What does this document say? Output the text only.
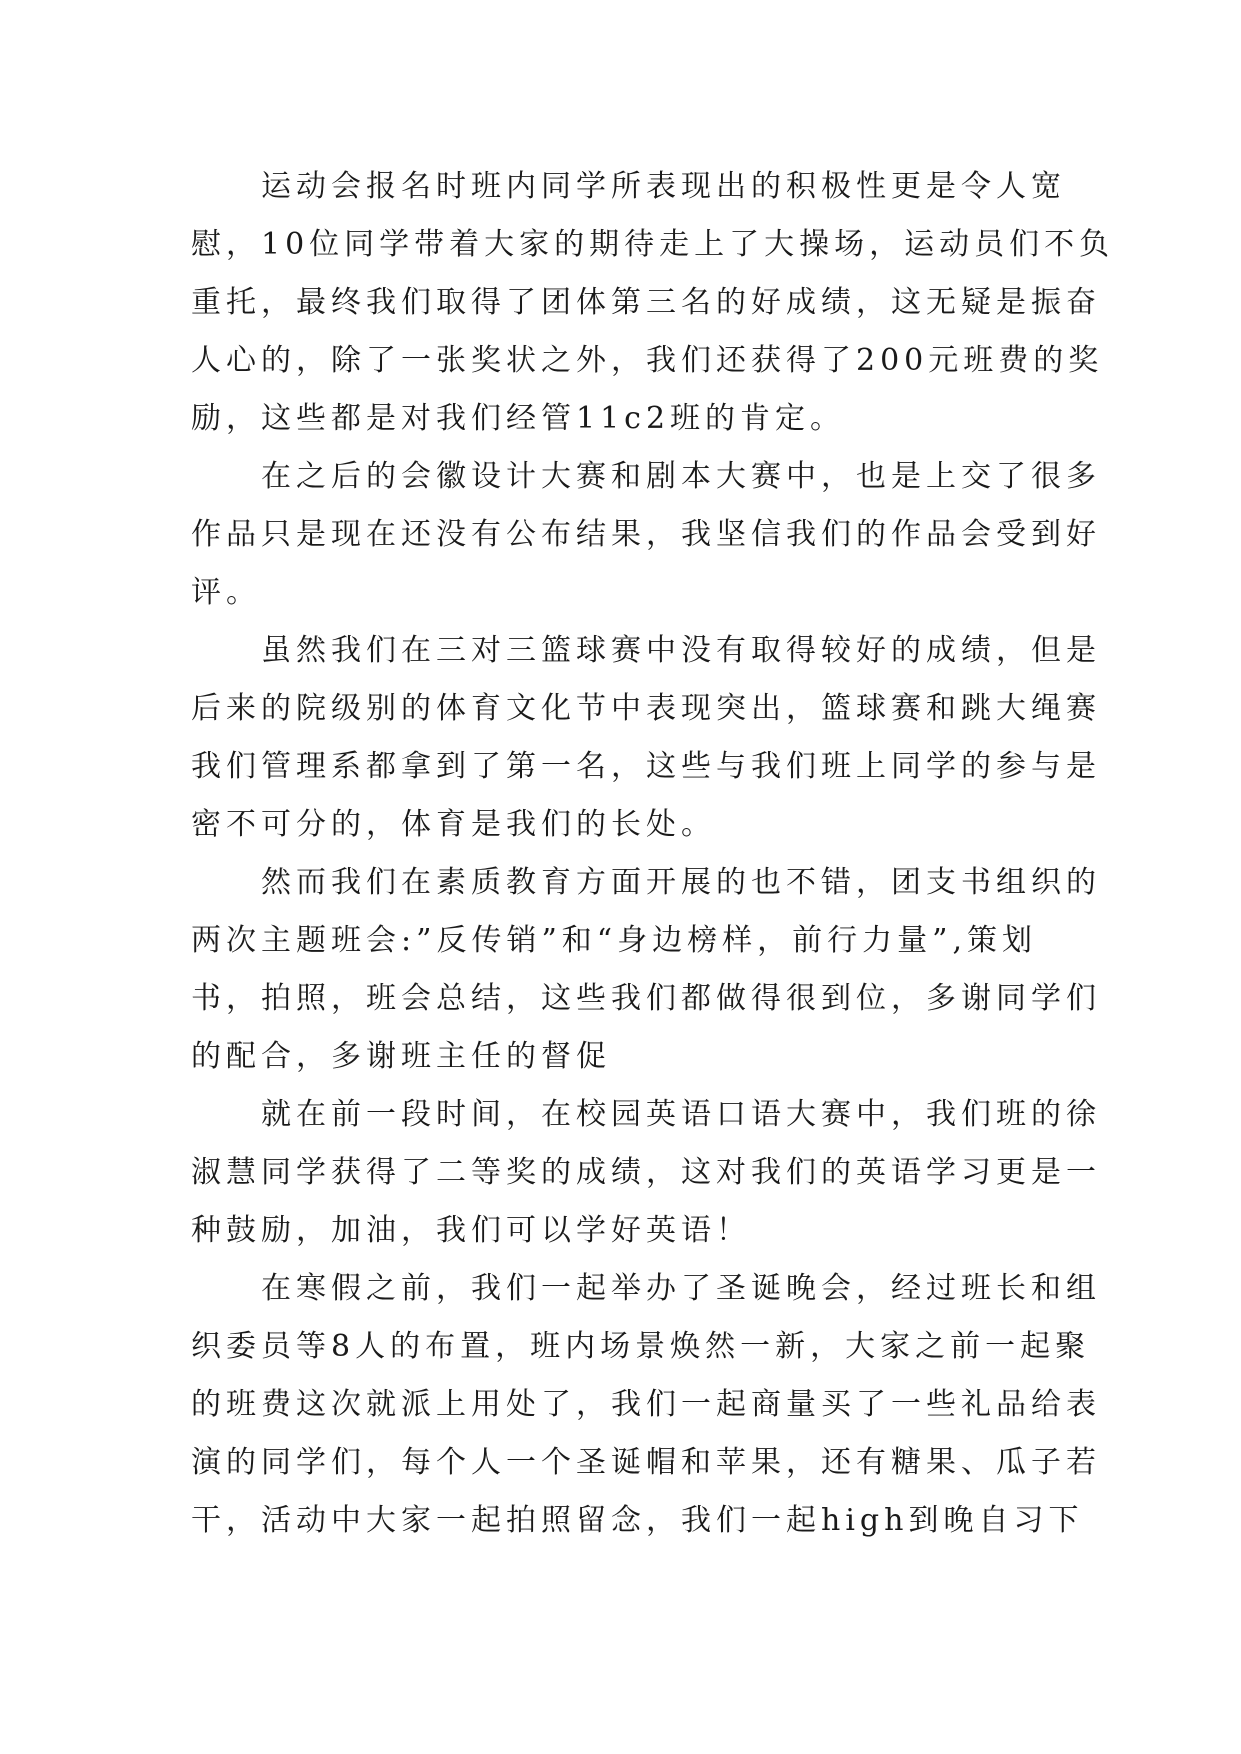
运动会报名时班内同学所表现出的积极性更是令人宽
慰，10位同学带着大家的期待走上了大操场，运动员们不负
重托，最终我们取得了团体第三名的好成绩，这无疑是振奋
人心的，除了一张奖状之外，我们还获得了200元班费的奖
励，这些都是对我们经管11c2班的肯定。

在之后的会徽设计大赛和剧本大赛中，也是上交了很多
作品只是现在还没有公布结果，我坚信我们的作品会受到好
评。

虽然我们在三对三篮球赛中没有取得较好的成绩，但是
后来的院级别的体育文化节中表现突出，篮球赛和跳大绳赛
我们管理系都拿到了第一名，这些与我们班上同学的参与是
密不可分的，体育是我们的长处。

然而我们在素质教育方面开展的也不错，团支书组织的
两次主题班会:”反传销”和“身边榜样，前行力量”,策划
书，拍照，班会总结，这些我们都做得很到位，多谢同学们
的配合，多谢班主任的督促

就在前一段时间，在校园英语口语大赛中，我们班的徐
淑慧同学获得了二等奖的成绩，这对我们的英语学习更是一
种鼓励，加油，我们可以学好英语！

在寒假之前，我们一起举办了圣诞晚会，经过班长和组
织委员等8人的布置，班内场景焕然一新，大家之前一起聚
的班费这次就派上用处了，我们一起商量买了一些礼品给表
演的同学们，每个人一个圣诞帽和苹果，还有糖果、瓜子若
干，活动中大家一起拍照留念，我们一起high到晚自习下
